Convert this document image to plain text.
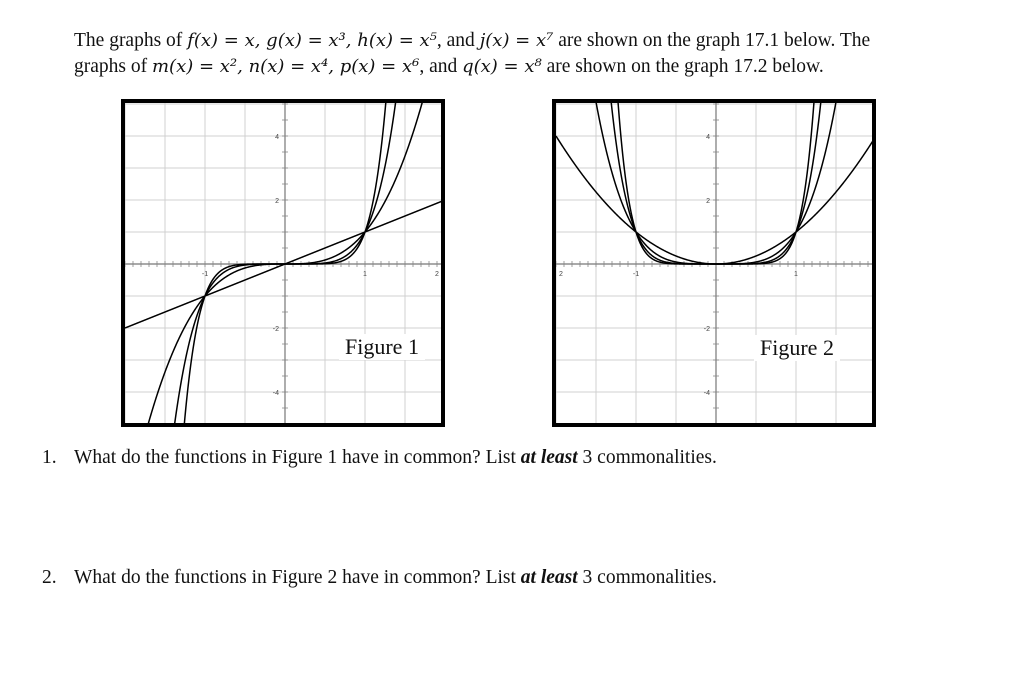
The graphs of f(x) = x, g(x) = x³, h(x) = x⁵, and j(x) = x⁷ are shown on the graph 17.1 below. The
graphs of m(x) = x², n(x) = x⁴, p(x) = x⁶, and q(x) = x⁸ are shown on the graph 17.2 below.
4
2
-2
-4
-1	1	2
Figure 1
4
2
-2
-4
2	-1	1
Figure 2
1. What do the functions in Figure 1 have in common? List at least 3 commonalities.
2. What do the functions in Figure 2 have in common? List at least 3 commonalities.
